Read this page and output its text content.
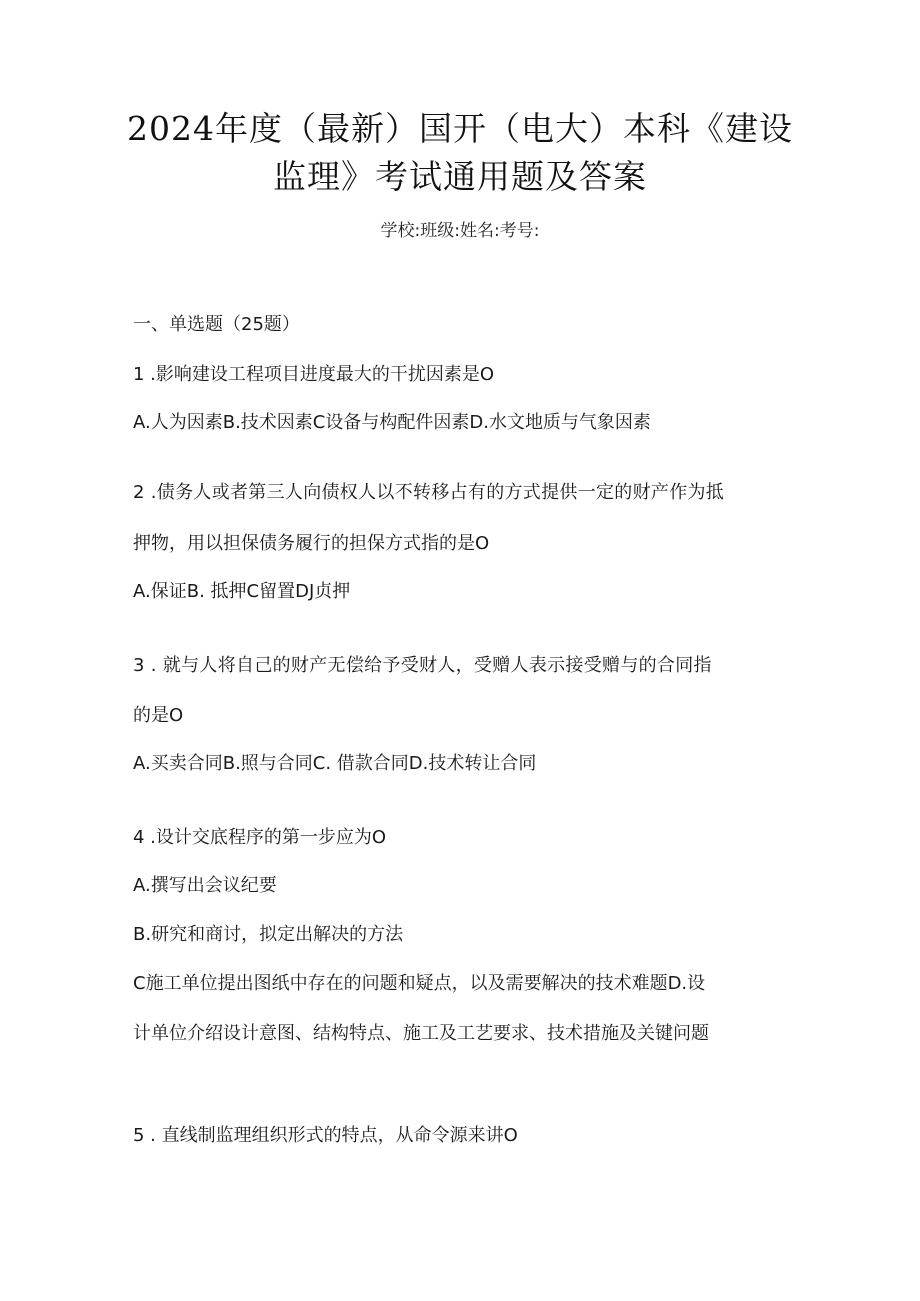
2024年度（最新）国开（电大）本科《建设
监理》考试通用题及答案
学校:班级:姓名:考号:
一、单选题（25题）
1 .影响建设工程项目进度最大的干扰因素是O
A.人为因素B.技术因素C设备与构配件因素D.水文地质与气象因素
2 .债务人或者第三人向债权人以不转移占有的方式提供一定的财产作为抵
押物，用以担保债务履行的担保方式指的是O
A.保证B. 抵押C留置DJ贞押
3 . 就与人将自己的财产无偿给予受财人，受赠人表示接受赠与的合同指
的是O
A.买卖合同B.照与合同C. 借款合同D.技术转让合同
4 .设计交底程序的第一步应为O
A.撰写出会议纪要
B.研究和商讨，拟定出解决的方法
C施工单位提出图纸中存在的问题和疑点，以及需要解决的技术难题D.设
计单位介绍设计意图、结构特点、施工及工艺要求、技术措施及关键问题
5 . 直线制监理组织形式的特点，从命令源来讲O
